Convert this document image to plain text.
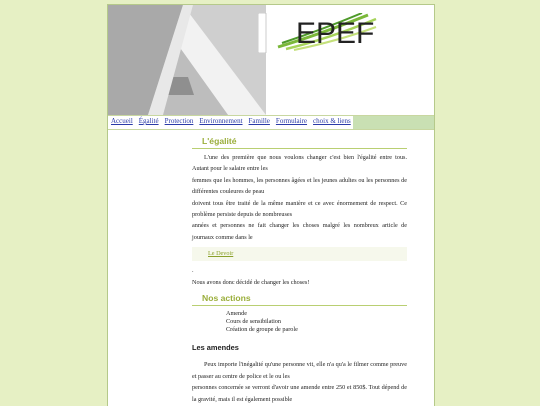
EPEF
Accueil Égalité Protection Environnement Famille Formulaire choix & liens
L'égalité

L'une des première que nous voulons changer c'est bien l'égalité entre tous. Autant pour le salaire entre les

femmes que les hommes, les personnes âgées et les jeunes adultes ou les personnes de différentes couleures de peau

doivent tous être traité de la même manière et ce avec énormement de respect. Ce problème persiste depuis de nombreuses

années et personnes ne fait changer les choses malgré les nombreux article de journaux comme dans le

Le Devoir

.

Nous avons donc décidé de changer les choses!

Nos actions
Amende
Cours de sensibilation
Création de groupe de parole
Les amendes

Peux importe l'inégalité qu'une personne vit, elle n'a qu'a le filmer comme preuve et passer au centre de police et le ou les

personnes concernée se verront d'avoir une amende entre 250 et 850$. Tout dépend de la gravité, mais il est également possible
